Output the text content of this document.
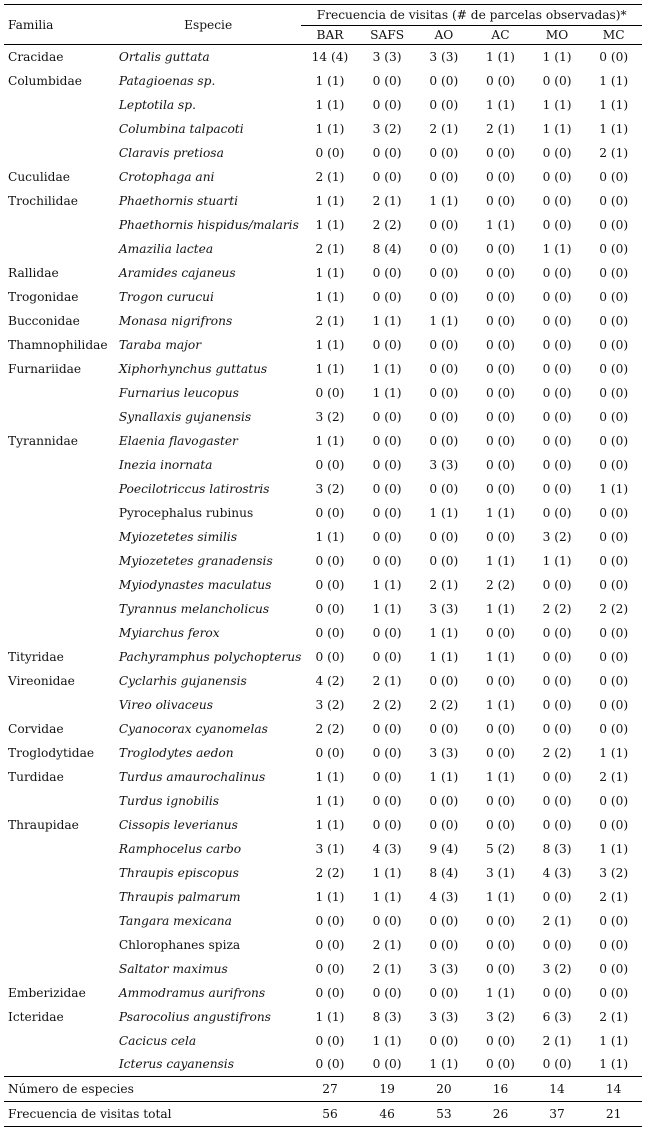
Familia	Especie	Frecuencia de visitas (# de parcelas observadas)*					
		BAR	SAFS	AO	AC	MO	MC
Cracidae	Ortalis guttata	14 (4)	3 (3)	3 (3)	1 (1)	1 (1)	0 (0)
Columbidae	Patagioenas sp.	1 (1)	0 (0)	0 (0)	0 (0)	0 (0)	1 (1)
	Leptotila sp.	1 (1)	0 (0)	0 (0)	1 (1)	1 (1)	1 (1)
	Columbina talpacoti	1 (1)	3 (2)	2 (1)	2 (1)	1 (1)	1 (1)
	Claravis pretiosa	0 (0)	0 (0)	0 (0)	0 (0)	0 (0)	2 (1)
Cuculidae	Crotophaga ani	2 (1)	0 (0)	0 (0)	0 (0)	0 (0)	0 (0)
Trochilidae	Phaethornis stuarti	1 (1)	2 (1)	1 (1)	0 (0)	0 (0)	0 (0)
	Phaethornis hispidus/malaris	1 (1)	2 (2)	0 (0)	1 (1)	0 (0)	0 (0)
	Amazilia lactea	2 (1)	8 (4)	0 (0)	0 (0)	1 (1)	0 (0)
Rallidae	Aramides cajaneus	1 (1)	0 (0)	0 (0)	0 (0)	0 (0)	0 (0)
Trogonidae	Trogon curucui	1 (1)	0 (0)	0 (0)	0 (0)	0 (0)	0 (0)
Bucconidae	Monasa nigrifrons	2 (1)	1 (1)	1 (1)	0 (0)	0 (0)	0 (0)
Thamnophilidae	Taraba major	1 (1)	0 (0)	0 (0)	0 (0)	0 (0)	0 (0)
Furnariidae	Xiphorhynchus guttatus	1 (1)	1 (1)	0 (0)	0 (0)	0 (0)	0 (0)
	Furnarius leucopus	0 (0)	1 (1)	0 (0)	0 (0)	0 (0)	0 (0)
	Synallaxis gujanensis	3 (2)	0 (0)	0 (0)	0 (0)	0 (0)	0 (0)
Tyrannidae	Elaenia flavogaster	1 (1)	0 (0)	0 (0)	0 (0)	0 (0)	0 (0)
	Inezia inornata	0 (0)	0 (0)	3 (3)	0 (0)	0 (0)	0 (0)
	Poecilotriccus latirostris	3 (2)	0 (0)	0 (0)	0 (0)	0 (0)	1 (1)
	Pyrocephalus rubinus	0 (0)	0 (0)	1 (1)	1 (1)	0 (0)	0 (0)
	Myiozetetes similis	1 (1)	0 (0)	0 (0)	0 (0)	3 (2)	0 (0)
	Myiozetetes granadensis	0 (0)	0 (0)	0 (0)	1 (1)	1 (1)	0 (0)
	Myiodynastes maculatus	0 (0)	1 (1)	2 (1)	2 (2)	0 (0)	0 (0)
	Tyrannus melancholicus	0 (0)	1 (1)	3 (3)	1 (1)	2 (2)	2 (2)
	Myiarchus ferox	0 (0)	0 (0)	1 (1)	0 (0)	0 (0)	0 (0)
Tityridae	Pachyramphus polychopterus	0 (0)	0 (0)	1 (1)	1 (1)	0 (0)	0 (0)
Vireonidae	Cyclarhis gujanensis	4 (2)	2 (1)	0 (0)	0 (0)	0 (0)	0 (0)
	Vireo olivaceus	3 (2)	2 (2)	2 (2)	1 (1)	0 (0)	0 (0)
Corvidae	Cyanocorax cyanomelas	2 (2)	0 (0)	0 (0)	0 (0)	0 (0)	0 (0)
Troglodytidae	Troglodytes aedon	0 (0)	0 (0)	3 (3)	0 (0)	2 (2)	1 (1)
Turdidae	Turdus amaurochalinus	1 (1)	0 (0)	1 (1)	1 (1)	0 (0)	2 (1)
	Turdus ignobilis	1 (1)	0 (0)	0 (0)	0 (0)	0 (0)	0 (0)
Thraupidae	Cissopis leverianus	1 (1)	0 (0)	0 (0)	0 (0)	0 (0)	0 (0)
	Ramphocelus carbo	3 (1)	4 (3)	9 (4)	5 (2)	8 (3)	1 (1)
	Thraupis episcopus	2 (2)	1 (1)	8 (4)	3 (1)	4 (3)	3 (2)
	Thraupis palmarum	1 (1)	1 (1)	4 (3)	1 (1)	0 (0)	2 (1)
	Tangara mexicana	0 (0)	0 (0)	0 (0)	0 (0)	2 (1)	0 (0)
	Chlorophanes spiza	0 (0)	2 (1)	0 (0)	0 (0)	0 (0)	0 (0)
	Saltator maximus	0 (0)	2 (1)	3 (3)	0 (0)	3 (2)	0 (0)
Emberizidae	Ammodramus aurifrons	0 (0)	0 (0)	0 (0)	1 (1)	0 (0)	0 (0)
Icteridae	Psarocolius angustifrons	1 (1)	8 (3)	3 (3)	3 (2)	6 (3)	2 (1)
	Cacicus cela	0 (0)	1 (1)	0 (0)	0 (0)	2 (1)	1 (1)
	Icterus cayanensis	0 (0)	0 (0)	1 (1)	0 (0)	0 (0)	1 (1)
Número de especies		27	19	20	16	14	14
Frecuencia de visitas total		56	46	53	26	37	21
